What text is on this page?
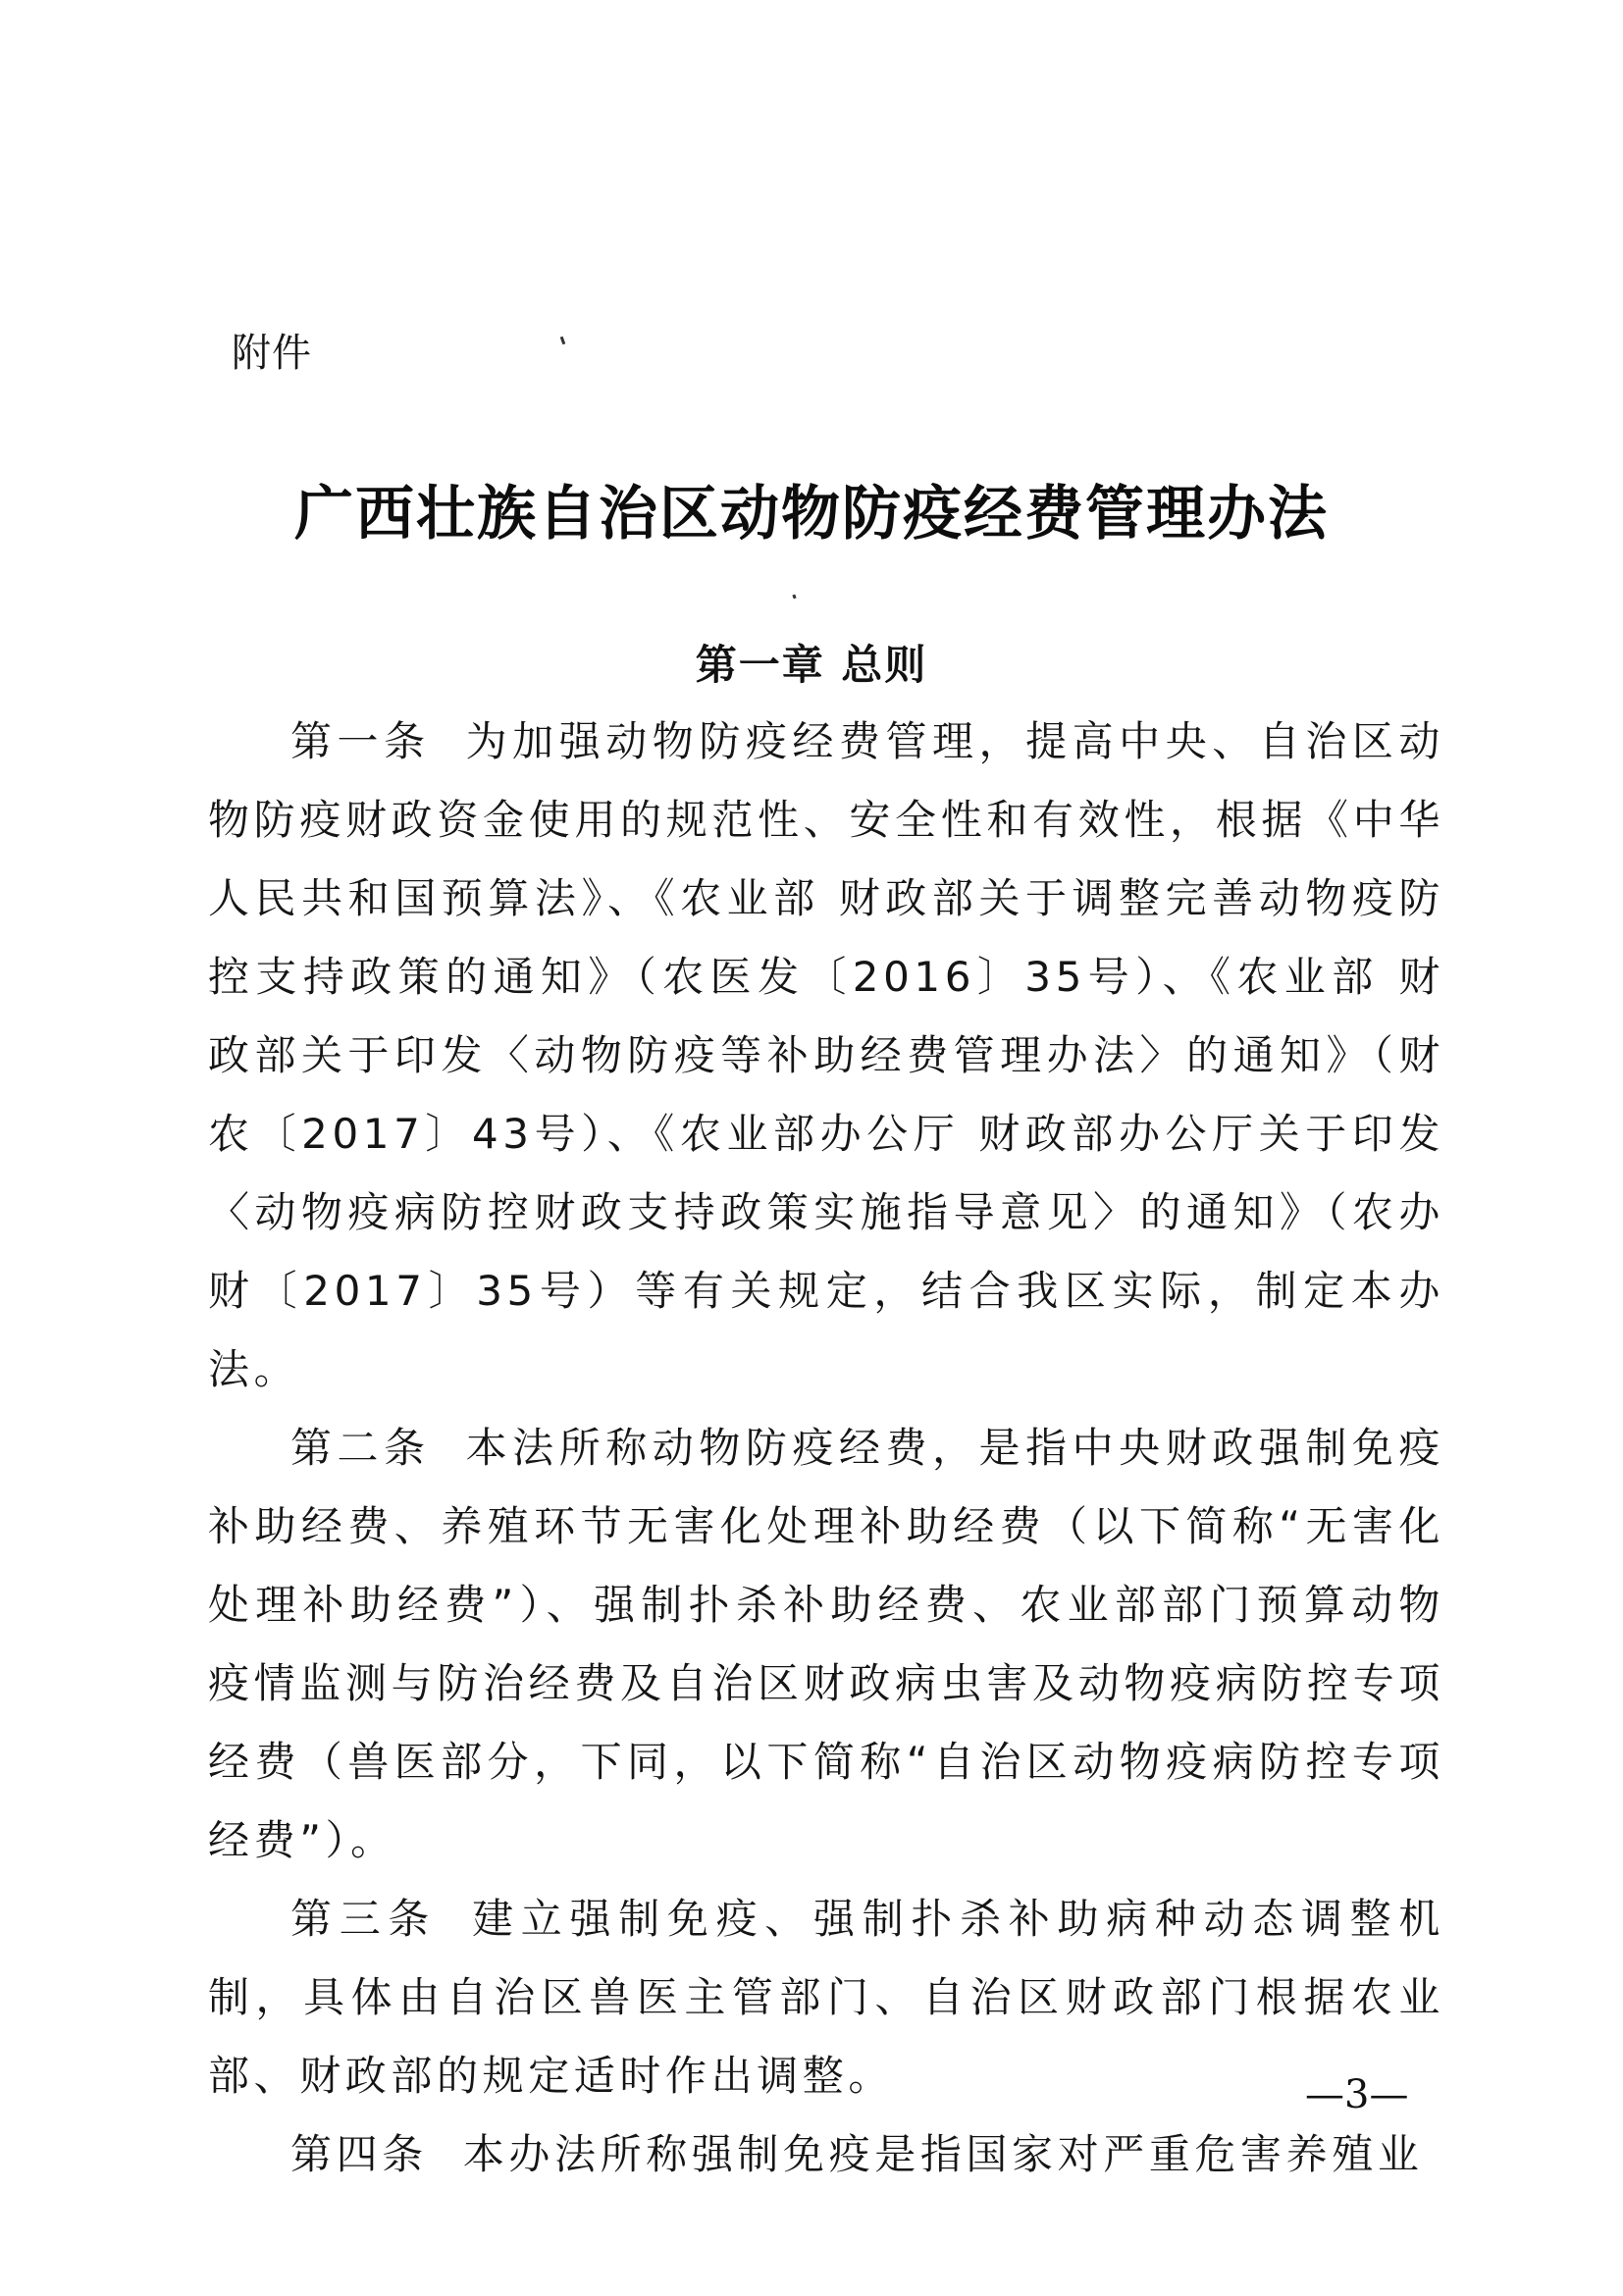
附件
广西壮族自治区动物防疫经费管理办法
第一章 总则

第一条 为加强动物防疫经费管理，提高中央、自治区动物防疫财政资金使用的规范性、安全性和有效性，根据《中华人民共和国预算法》、《农业部 财政部关于调整完善动物疫防控支持政策的通知》（农医发〔2016〕35号）、《农业部 财政部关于印发〈动物防疫等补助经费管理办法〉的通知》（财农〔2017〕43号）、《农业部办公厅 财政部办公厅关于印发〈动物疫病防控财政支持政策实施指导意见〉的通知》（农办财〔2017〕35号）等有关规定，结合我区实际，制定本办法。

第二条 本法所称动物防疫经费，是指中央财政强制免疫补助经费、养殖环节无害化处理补助经费（以下简称“无害化处理补助经费”）、强制扑杀补助经费、农业部部门预算动物疫情监测与防治经费及自治区财政病虫害及动物疫病防控专项经费（兽医部分，下同，以下简称“自治区动物疫病防控专项经费”）。

第三条 建立强制免疫、强制扑杀补助病种动态调整机制，具体由自治区兽医主管部门、自治区财政部门根据农业部、财政部的规定适时作出调整。

第四条 本办法所称强制免疫是指国家对严重危害养殖业

—3—
